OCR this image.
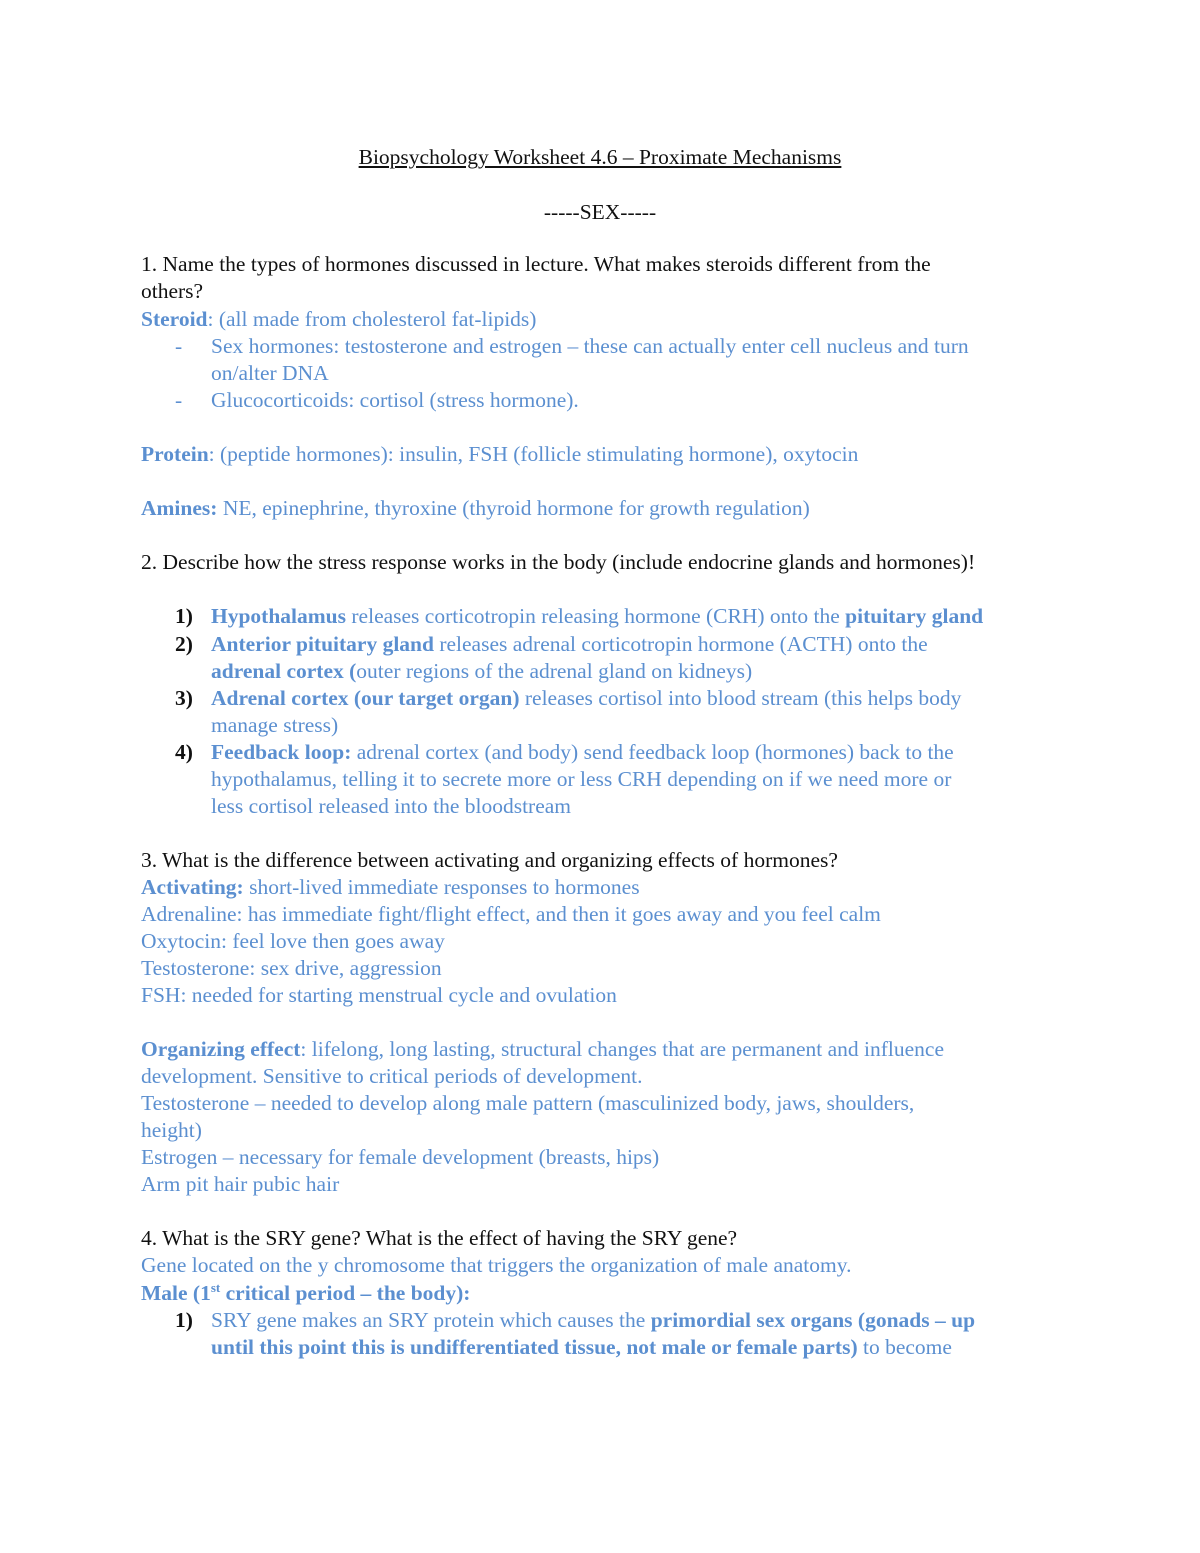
Biopsychology Worksheet 4.6 – Proximate Mechanisms
-----SEX-----
1. Name the types of hormones discussed in lecture. What makes steroids different from the
others?
Steroid: (all made from cholesterol fat-lipids)
- Sex hormones: testosterone and estrogen – these can actually enter cell nucleus and turn
on/alter DNA
- Glucocorticoids: cortisol (stress hormone).
Protein: (peptide hormones): insulin, FSH (follicle stimulating hormone), oxytocin
Amines: NE, epinephrine, thyroxine (thyroid hormone for growth regulation)
2. Describe how the stress response works in the body (include endocrine glands and hormones)!
1) Hypothalamus releases corticotropin releasing hormone (CRH) onto the pituitary gland
2) Anterior pituitary gland releases adrenal corticotropin hormone (ACTH) onto the
adrenal cortex (outer regions of the adrenal gland on kidneys)
3) Adrenal cortex (our target organ) releases cortisol into blood stream (this helps body
manage stress)
4) Feedback loop: adrenal cortex (and body) send feedback loop (hormones) back to the
hypothalamus, telling it to secrete more or less CRH depending on if we need more or
less cortisol released into the bloodstream
3. What is the difference between activating and organizing effects of hormones?
Activating: short-lived immediate responses to hormones
Adrenaline: has immediate fight/flight effect, and then it goes away and you feel calm
Oxytocin: feel love then goes away
Testosterone: sex drive, aggression
FSH: needed for starting menstrual cycle and ovulation
Organizing effect: lifelong, long lasting, structural changes that are permanent and influence
development. Sensitive to critical periods of development.
Testosterone – needed to develop along male pattern (masculinized body, jaws, shoulders,
height)
Estrogen – necessary for female development (breasts, hips)
Arm pit hair pubic hair
4. What is the SRY gene? What is the effect of having the SRY gene?
Gene located on the y chromosome that triggers the organization of male anatomy.
Male (1st critical period – the body):
1) SRY gene makes an SRY protein which causes the primordial sex organs (gonads – up
until this point this is undifferentiated tissue, not male or female parts) to become
